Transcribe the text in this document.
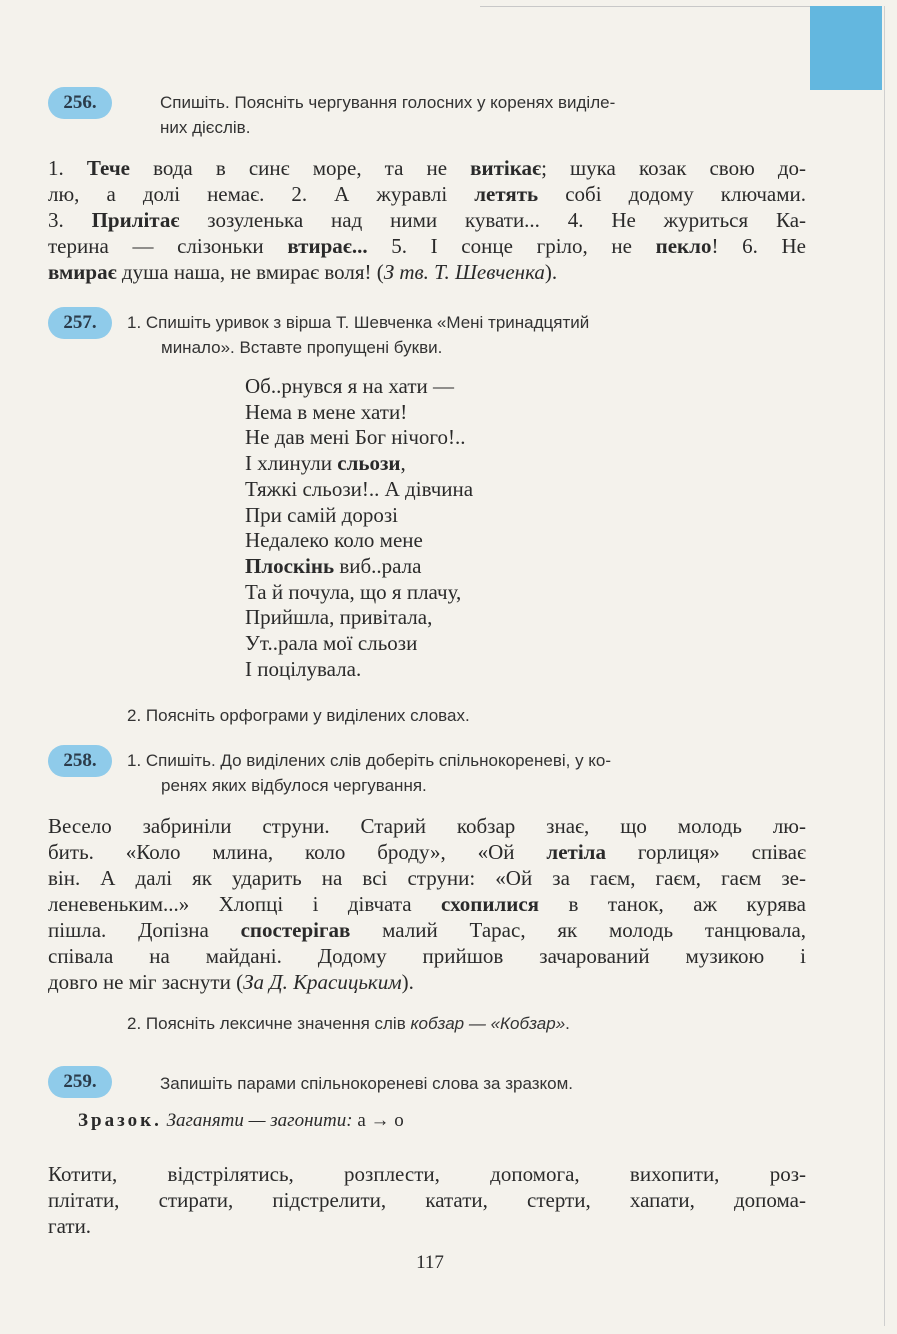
256.	Спишіть. Поясніть чергування голосних у коренях виділе-
них дієслів.
1. Тече вода в синє море, та не витікає; шука козак свою до-
лю, а долі немає. 2. А журавлі летять собі додому ключами.
3. Прилітає зозуленька над ними кувати... 4. Не журиться Ка-
терина — слізоньки втирає... 5. І сонце гріло, не пекло! 6. Не
вмирає душа наша, не вмирає воля! (З тв. Т. Шевченка).
257.	1. Спишіть уривок з вірша Т. Шевченка «Мені тринадцятий
минало». Вставте пропущені букви.
Об..рнувся я на хати —
Нема в мене хати!
Не дав мені Бог нічого!..
І хлинули сльози,
Тяжкі сльози!.. А дівчина
При самій дорозі
Недалеко коло мене
Плоскінь виб..рала
Та й почула, що я плачу,
Прийшла, привітала,
Ут..рала мої сльози
І поцілувала.
2. Поясніть орфограми у виділених словах.
258.	1. Спишіть. До виділених слів доберіть спільнокореневі, у ко-
ренях яких відбулося чергування.
Весело забриніли струни. Старий кобзар знає, що молодь лю-
бить. «Коло млина, коло броду», «Ой летіла горлиця» співає
він. А далі як ударить на всі струни: «Ой за гаєм, гаєм, гаєм зе-
леневеньким...» Хлопці і дівчата схопилися в танок, аж курява
пішла. Допізна спостерігав малий Тарас, як молодь танцювала,
співала на майдані. Додому прийшов зачарований музикою і
довго не міг заснути (За Д. Красицьким).
2. Поясніть лексичне значення слів кобзар — «Кобзар».
259.	Запишіть парами спільнокореневі слова за зразком.
Зразок. Заганяти — загонити: а → о
Котити, відстрілятись, розплести, допомога, вихопити, роз-
плітати, стирати, підстрелити, катати, стерти, хапати, допома-
гати.
117
